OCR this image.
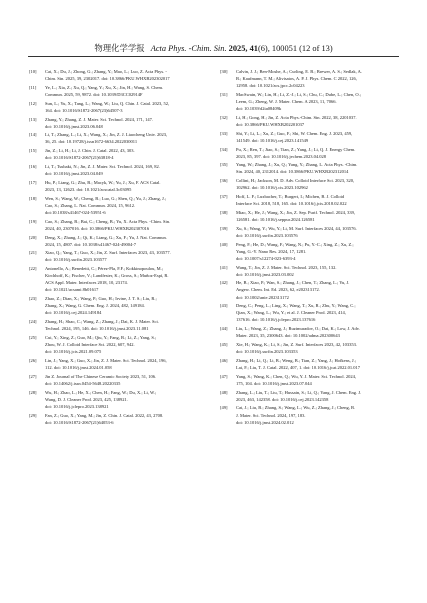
物理化学学报 Acta Phys. -Chim. Sin. 2025, 41(6), 100051 (12 of 13)
[10] Cai, X.; Du, J.; Zhong, G.; Zhang, Y.; Mao, L.; Luo, Z. Acta Phys. -
Chim. Sin. 2025, 39, 2302017. doi: 10.3866/PKU.WHXB202302017
[11] Ye, L.; Xia, Z.; Xu, Q.; Yang, Y.; Xu, X.; Jin, H.; Wang, S. Chem.
Commun. 2025, 59, 9872. doi: 10.1039/D3CC02914F
[12] Sun, L.; Yu, X.; Tang, L.; Wang, W.; Liu, Q. Chin. J. Catal. 2023, 52,
164. doi: 10.1016/S1872-2067(23)64507-3
[13] Zhang, Y.; Zhang, Z. J. Mater. Sci. Technol. 2024, 171, 147.
doi: 10.1016/j.jmst.2023.06.048
[14] Li, T.; Zhang, L.; Li, X.; Wang, X.; Jin, Z. J. Liaocheng Univ. 2023,
36, 25. doi: 10.19728/j.issn1672-6634.2022030011
[15] Jin, Z.; Li, H.; Li, J. Chin. J. Catal. 2022, 43, 303.
doi: 10.1016/S1872-2067(21)63818-4
[16] Li, T.; Tsubaki, N.; Jin, Z. J. Mater. Sci. Technol. 2024, 169, 82.
doi: 10.1016/j.jmst.2023.04.049
[17] Hu, P.; Liang, G.; Zhu, B.; Macyk, W.; Yu, J.; Xu, F. ACS Catal.
2023, 13, 12623. doi: 10.1021/acscatal.3c03095
[18] Wen, S.; Wang, W.; Cheng, B.; Luo, G.; Shen, Q.; Yu, J.; Zhang, J.;
Cao, S.; Zhang, L. Nat. Commun. 2024, 15, 9612.
doi:10.1038/s41467-024-53951-6
[19] Cao, S.; Zhang, B.; Bai, C.; Cheng, B.; Yu, X. Acta Phys. -Chim. Sin.
2024, 40, 2307016. doi: 10.3866/PKU.WHXB202307016
[20] Deng, X.; Zhang, J.; Qi, K.; Liang, G.; Xu, F.; Yu, J. Nat. Commun.
2024, 15, 4807. doi: 10.1038/s41467-024-49004-7
[21] Xiao, Q.; Yang, T.; Guo, X.; Jin, Z. Surf. Interfaces 2023, 43, 103577.
doi: 10.1016/j.surfin.2023.103577
[22] Antonello, A.; Benedetti, C.; Pérez-Pla, F.F.; Kokkinopoulou, M.;
Kirchhoff, K.; Fischer, V.; Landfester, K.; Gross, S.; Muñoz-Espí, R.
ACS Appl. Mater. Interfaces 2018, 10, 23174.
doi: 10.1021/acsami.8b01617
[23] Zhao, Z.; Dian, X.; Wang, P.; Guo, H.; Irvine, J. T. S.; Liu, R.;
Zhang, X.; Wang, G. Chem. Eng. J. 2024, 482, 149184.
doi: 10.1016/j.cej.2024.149184
[24] Zhang, H.; Shao, C.; Wang, Z.; Zhang, J.; Dai, K. J. Mater. Sci.
Technol. 2024, 195, 146. doi: 10.1016/j.jmst.2023.11.081
[25] Cui, Y.; Xing, Z.; Guo, M.; Qiu, Y.; Fang, B.; Li, Z.; Yang, S.;
Zhou, W. J. Colloid Interface Sci. 2022, 607, 942.
doi: 10.1016/j.jcis.2021.09.075
[26] Lin, J.; Yang, X.; Guo, X.; Jin, Z. J. Mater. Sci. Technol. 2024, 196,
112. doi: 10.1016/j.jmst.2024.01.058
[27] Jin Z. Journal of The Chinese Ceramic Society 2023, 51, 106.
doi: 10.14062/j.issn.0454-5648.20220335
[28] Wu, H.; Zhao, L.; He, X.; Chen, H.; Fang, W.; Du, X.; Li, W.;
Wang, D. J. Cleaner Prod. 2023, 425, 138921.
doi: 10.1016/j.jclepro.2023.138921
[29] Fan, Z.; Guo, X.; Yang, M.; Jin, Z. Chin. J. Catal. 2022, 43, 2708.
doi: 10.1016/S1872-2067(21)64053-6
[30] Calvin, J. J.; Ben-Moshe, A.; Curling, E. B.; Brewer, A. S.; Sedlak, A.
B.; Kaufmann, T. M.; Alivisatos, A. P. J. Phys. Chem. C 2022, 126,
12958. doi: 10.1021/acs.jpcc.2c04223
[31] MacSwain, W.; Lin, H.; Li, Z.-J.; Li, S.; Chu, C.; Dube, L.; Chen, O.;
Leem, G.; Zheng, W. J. Mater. Chem. A 2023, 11, 7066.
doi: 10.1039/d2ta08409k
[32] Li, H.; Gong, H.; Jin, Z. Acta Phys.-Chim. Sin. 2022, 38, 2201037.
doi: 10.3866/PKU.WHXB202201037
[33] Shi, Y.; Li, L.; Xu, Z.; Guo, F.; Shi, W. Chem. Eng. J. 2023, 459,
141549. doi: 10.1016/j.cej.2023.141549
[34] Pu, X.; Ren, T.; Jiao, S.; Tian, Z.; Yang, J.; Li, Q. J. Energy Chem.
2023, 85, 397. doi: 10.1016/j.jechem.2023.04.028
[35] Yang, W.; Zhang, J.; Xu, Q.; Yang, Y.; Zhang, L. Acta Phys. -Chim.
Sin. 2024, 40, 2312014. doi: 10.3866/PKU.WHXB202312014
[36] Collini, H.; Jackson, M. D. Adv. Colloid Interface Sci. 2023, 320,
102962. doi: 10.1016/j.cis.2023.102962
[37] Hoff, L. F.; Luxbacher, T.; Burgert, I.; Michen, B. J. Colloid
Interface Sci. 2018, 518, 165. doi: 10.1016/j.jcis.2018.02.022
[38] Miao, X.; He, J.; Wang, X.; Jin, Z. Sep. Purif. Technol. 2024, 339,
126581. doi: 10.1016/j.seppur.2024.126581
[39] Xu, S.; Wang, Y.; Wu, Y.; Li, M. Surf. Interfaces 2024, 44, 103576.
doi: 10.1016/j.surfin.2023.103576
[40] Peng, F.; He, D.; Wang, F.; Wang, N.; Pu, Y.-C.; Xing, Z.; Xu, Z.;
Yang, G.-Y. Nano Res. 2024, 17, 1281.
doi: 10.1007/s12274-023-6393-4
[41] Wang, T.; Jin, Z. J. Mater. Sci. Technol. 2023, 155, 132.
doi: 10.1016/j.jmst.2023.03.002
[42] He, B.; Xiao, P.; Wan, S.; Zhang, J.; Chen, T.; Zhang, L.; Yu, J.
Angew. Chem. Int. Ed. 2023, 62, e202313172.
doi: 10.1002/anie.202313172
[43] Deng, C.; Peng, L.; Ling, X.; Wang, T.; Xu, R.; Zhu, Y.; Wang, C.;
Qian, X.; Wang, L.; Wu, Y.; et al. J. Cleaner Prod. 2023, 414,
137616. doi: 10.1016/j.jclepro.2023.137616
[44] Liu, L.; Wang, Z.; Zhang, J.; Ruzimuradov, O.; Dai, K.; Low, J. Adv.
Mater. 2023, 35, 2300643. doi: 10.1002/adma.202300643
[45] Xie, H.; Wang, K.; Li, S.; Jin, Z. Surf. Interfaces 2023, 42, 103353.
doi: 10.1016/j.surfin.2023.103353
[46] Zhang, H.; Li, Q.; Li, B.; Weng, B.; Tian, Z.; Yang, J.; Hofkens, J.;
Lai, F.; Liu, T. J. Catal. 2022, 407, 1. doi: 10.1016/j.jcat.2022.01.017
[47] Yang, S.; Wang, K.; Chen, Q.; Wu, Y. J. Mater. Sci. Technol. 2024,
175, 104. doi: 10.1016/j.jmst.2023.07.044
[48] Zhang, L.; Liu, T.; Liu, T.; Hussain, S.; Li, Q.; Yang, J. Chem. Eng. J.
2023, 463, 142358. doi: 10.1016/j.cej.2023.142358
[49] Cai, J.; Liu, B.; Zhang, S.; Wang, L.; Wu, Z.; Zhang, J.; Cheng, B.
J. Mater. Sci. Technol. 2024, 197, 183.
doi: 10.1016/j.jmst.2024.02.012
